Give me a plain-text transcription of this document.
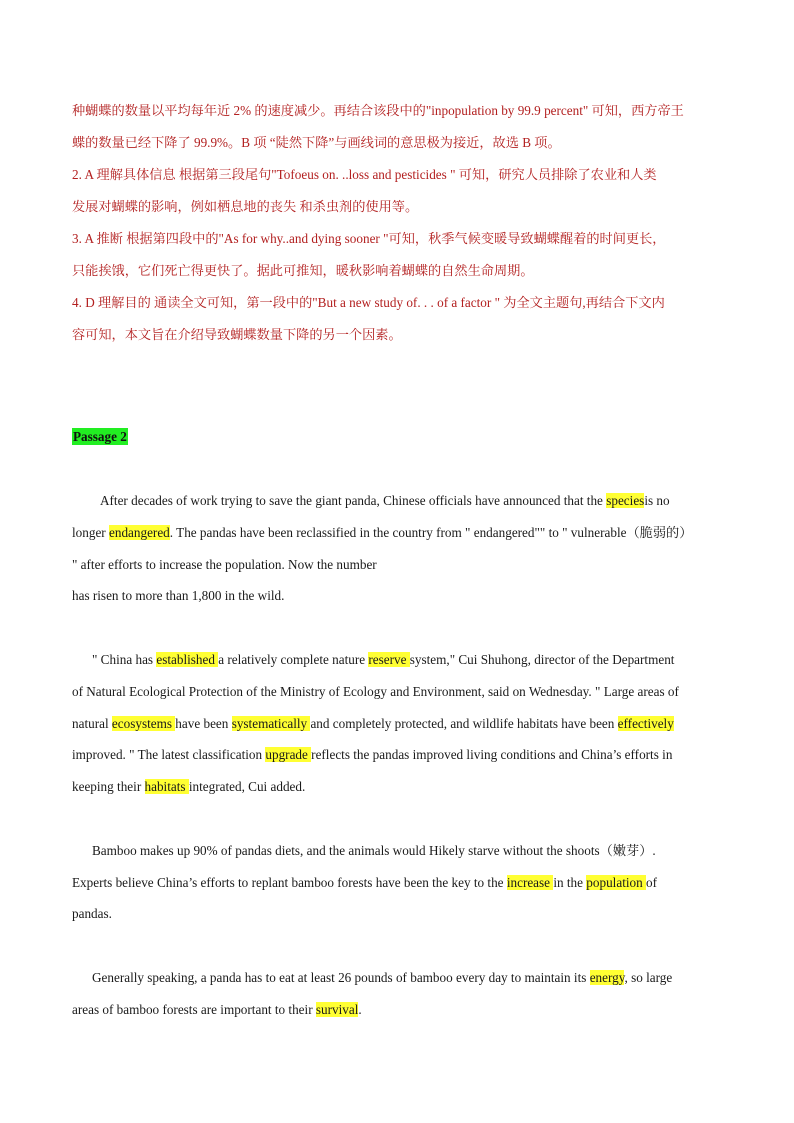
种蝴蝶的数量以平均每年近 2% 的速度减少。再结合该段中的"inpopulation by 99.9 percent" 可知，西方帝王
蝶的数量已经下降了 99.9%。B 项 “陡然下降”与画线词的意思极为接近，故选 B 项。
2. A 理解具体信息 根据第三段尾句"Tofoeus on. ..loss and pesticides " 可知，研究人员排除了农业和人类
发展对蝴蝶的影响，例如栖息地的丧失 和杀虫剂的使用等。
3. A 推断 根据第四段中的"As for why..and dying sooner "可知，秋季气候变暖导致蝴蝶醒着的时间更长，
只能挨饿，它们死亡得更快了。据此可推知，暖秋影响着蝴蝶的自然生命周期。
4. D 理解目的 通读全文可知，第一段中的"But a new study of. . . of a factor " 为全文主题句,再结合下文内
容可知，本文旨在介绍导致蝴蝶数量下降的另一个因素。
Passage 2
After decades of work trying to save the giant panda, Chinese officials have announced that the speciesis no
longer endangered. The pandas have been reclassified in the country from " endangered"" to " vulnerable（脆弱的）
" after efforts to increase the population. Now the number
has risen to more than 1,800 in the wild.
" China has established a relatively complete nature reserve system," Cui Shuhong, director of the Department
of Natural Ecological Protection of the Ministry of Ecology and Environment, said on Wednesday. " Large areas of
natural ecosystems have been systematically and completely protected, and wildlife habitats have been effectively
improved. " The latest classification upgrade reflects the pandas improved living conditions and China’s efforts in
keeping their habitats integrated, Cui added.
Bamboo makes up 90% of pandas diets, and the animals would Hikely starve without the shoots（嫩芽）.
Experts believe China’s efforts to replant bamboo forests have been the key to the increase in the population of
pandas.
Generally speaking, a panda has to eat at least 26 pounds of bamboo every day to maintain its energy, so large
areas of bamboo forests are important to their survival.
